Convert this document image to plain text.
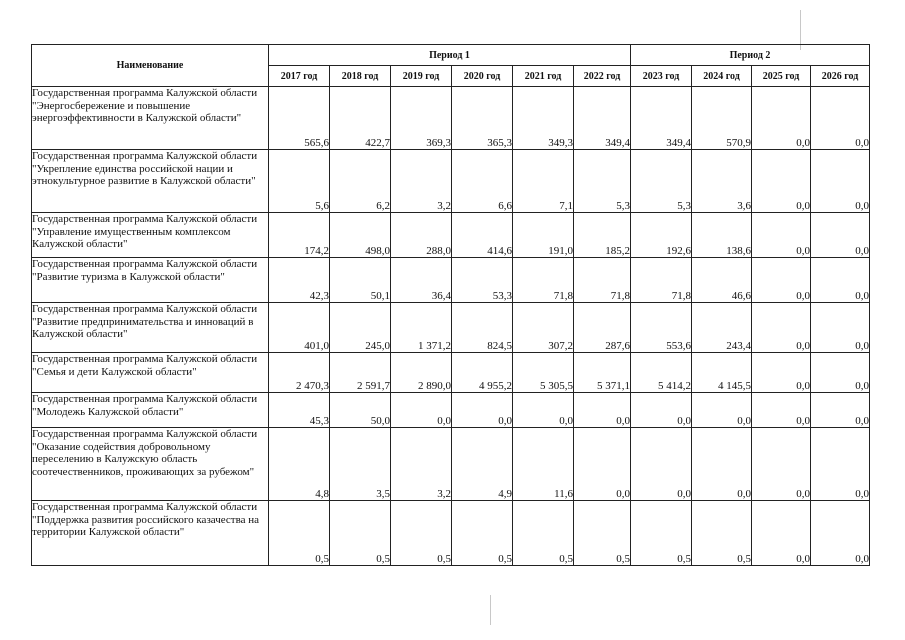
Наименование	Период 1						Период 2			
	2017 год	2018 год	2019 год	2020 год	2021 год	2022 год	2023 год	2024 год	2025 год	2026 год
Государственная программа Калужской области "Энергосбережение и повышение энергоэффективности в Калужской области"	565,6	422,7	369,3	365,3	349,3	349,4	349,4	570,9	0,0	0,0
Государственная программа Калужской области "Укрепление единства российской нации и этнокультурное развитие в Калужской области"	5,6	6,2	3,2	6,6	7,1	5,3	5,3	3,6	0,0	0,0
Государственная программа Калужской области "Управление имущественным комплексом Калужской области"	174,2	498,0	288,0	414,6	191,0	185,2	192,6	138,6	0,0	0,0
Государственная программа Калужской области "Развитие туризма в Калужской области"	42,3	50,1	36,4	53,3	71,8	71,8	71,8	46,6	0,0	0,0
Государственная программа Калужской области "Развитие предпринимательства и инноваций в Калужской области"	401,0	245,0	1 371,2	824,5	307,2	287,6	553,6	243,4	0,0	0,0
Государственная программа Калужской области "Семья и дети Калужской области"	2 470,3	2 591,7	2 890,0	4 955,2	5 305,5	5 371,1	5 414,2	4 145,5	0,0	0,0
Государственная программа Калужской области "Молодежь Калужской области"	45,3	50,0	0,0	0,0	0,0	0,0	0,0	0,0	0,0	0,0
Государственная программа Калужской области "Оказание содействия добровольному переселению в Калужскую область соотечественников, проживающих за рубежом"	4,8	3,5	3,2	4,9	11,6	0,0	0,0	0,0	0,0	0,0
Государственная программа Калужской области "Поддержка развития российского казачества на территории Калужской области"	0,5	0,5	0,5	0,5	0,5	0,5	0,5	0,5	0,0	0,0
